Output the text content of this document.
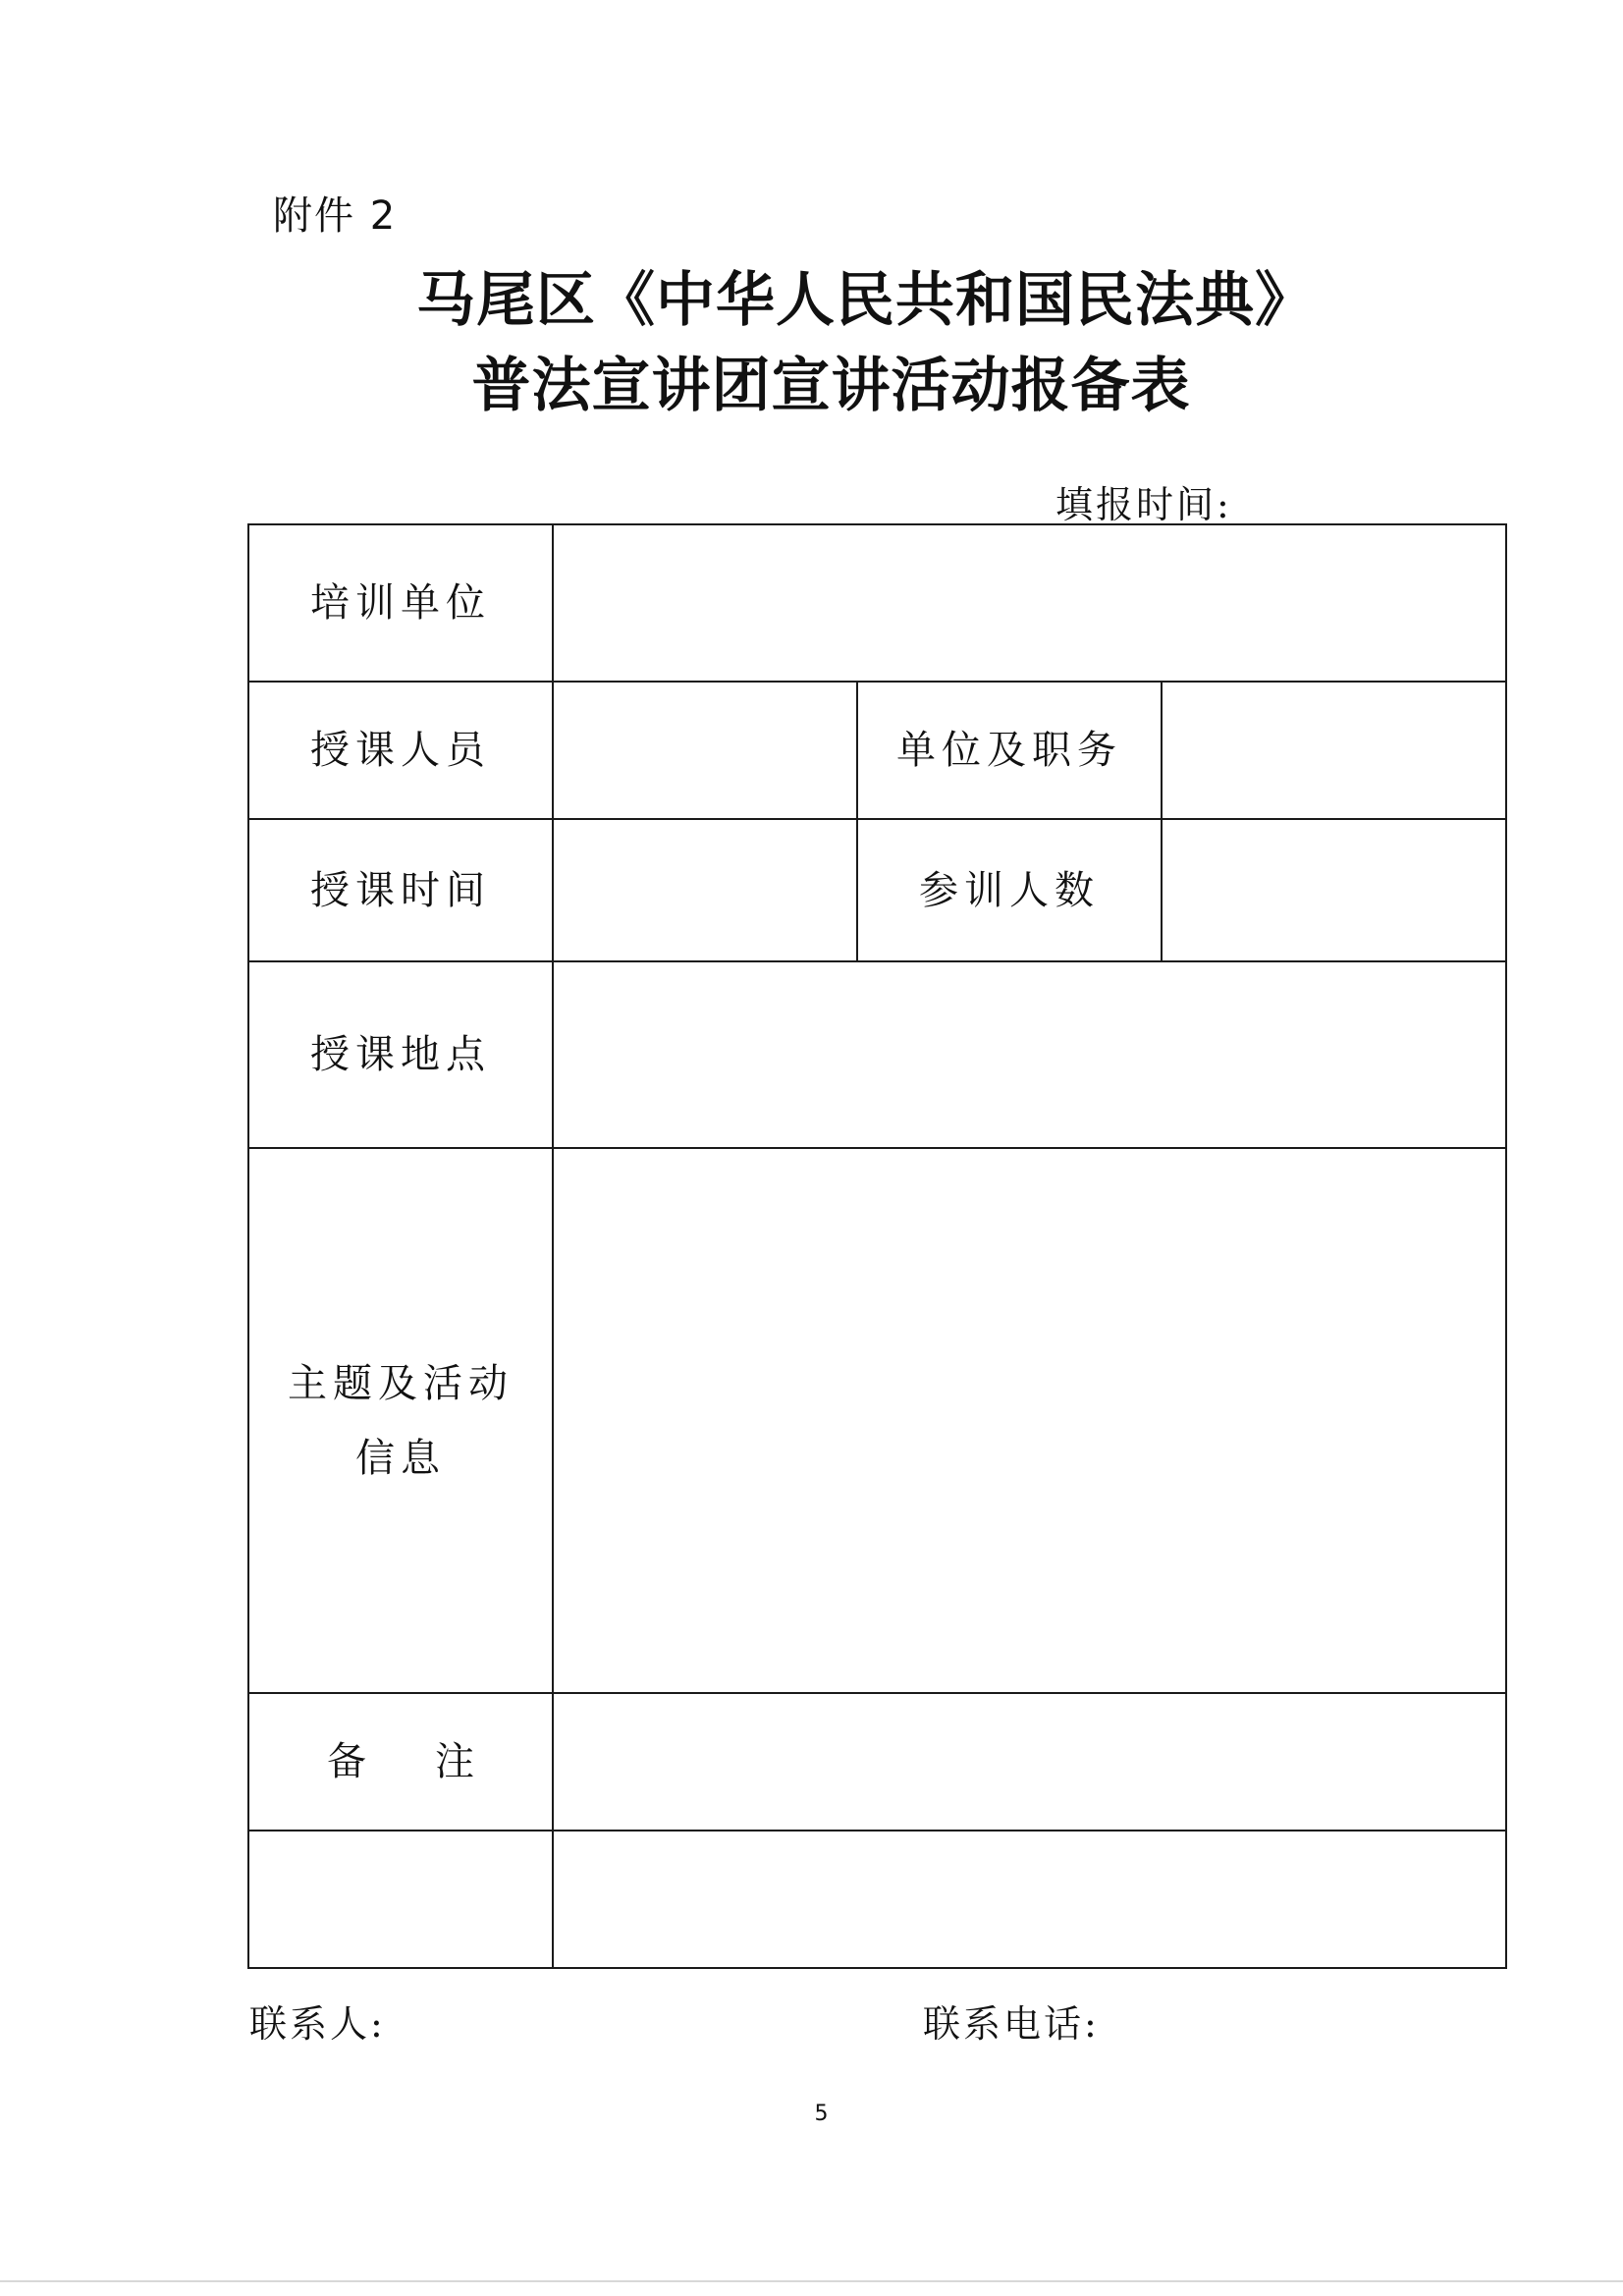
附件 2
马尾区《中华人民共和国民法典》
普法宣讲团宣讲活动报备表
填报时间:
培训单位			
授课人员		单位及职务	
授课时间		参训人数	
授课地点			
主题及活动
信息			
备 注			

联系人:	联系电话:
5
